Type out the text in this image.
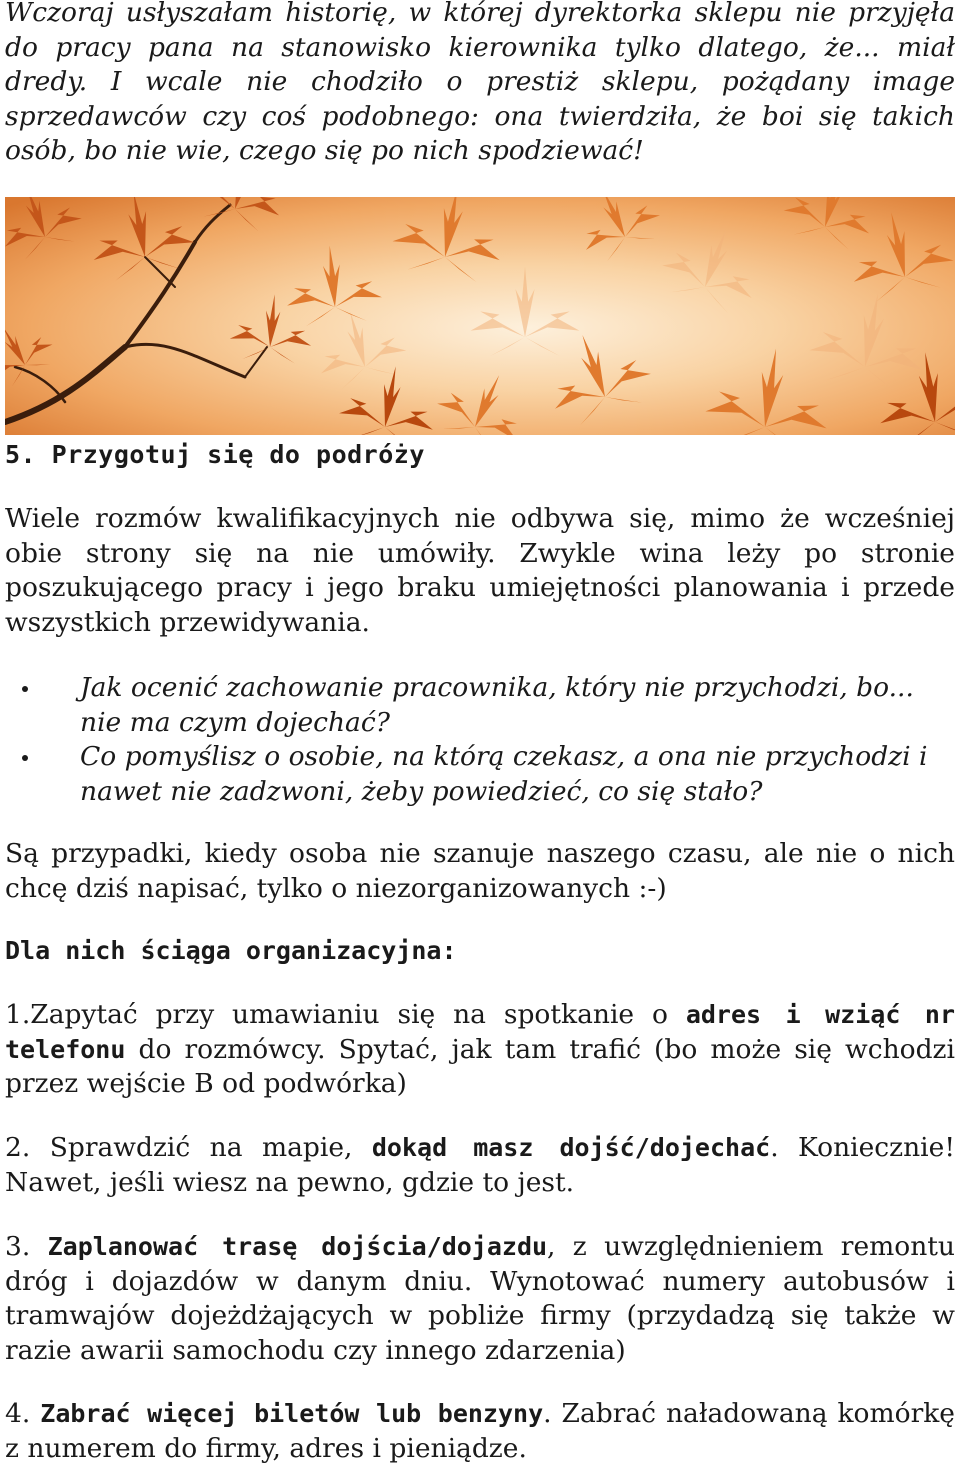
Wczoraj usłyszałam historię, w której dyrektorka sklepu nie przyjęła do pracy pana na stanowisko kierownika tylko dlatego, że... miał dredy. I wcale nie chodziło o prestiż sklepu, pożądany image sprzedawców czy coś podobnego: ona twierdziła, że boi się takich osób, bo nie wie, czego się po nich spodziewać!

5. Przygotuj się do podróży

Wiele rozmów kwalifikacyjnych nie odbywa się, mimo że wcześniej obie strony się na nie umówiły. Zwykle wina leży po stronie poszukującego pracy i jego braku umiejętności planowania i przede wszystkich przewidywania.

Jak ocenić zachowanie pracownika, który nie przychodzi, bo... nie ma czym dojechać?
Co pomyślisz o osobie, na którą czekasz, a ona nie przychodzi i nawet nie zadzwoni, żeby powiedzieć, co się stało?

Są przypadki, kiedy osoba nie szanuje naszego czasu, ale nie o nich chcę dziś napisać, tylko o niezorganizowanych :-)

Dla nich ściąga organizacyjna:

1.Zapytać przy umawianiu się na spotkanie o adres i wziąć nr telefonu do rozmówcy. Spytać, jak tam trafić (bo może się wchodzi przez wejście B od podwórka)

2. Sprawdzić na mapie, dokąd masz dojść/dojechać. Koniecznie! Nawet, jeśli wiesz na pewno, gdzie to jest.

3. Zaplanować trasę dojścia/dojazdu, z uwzględnieniem remontu dróg i dojazdów w danym dniu. Wynotować numery autobusów i tramwajów dojeżdżających w pobliże firmy (przydadzą się także w razie awarii samochodu czy innego zdarzenia)

4. Zabrać więcej biletów lub benzyny. Zabrać naładowaną komórkę z numerem do firmy, adres i pieniądze.
